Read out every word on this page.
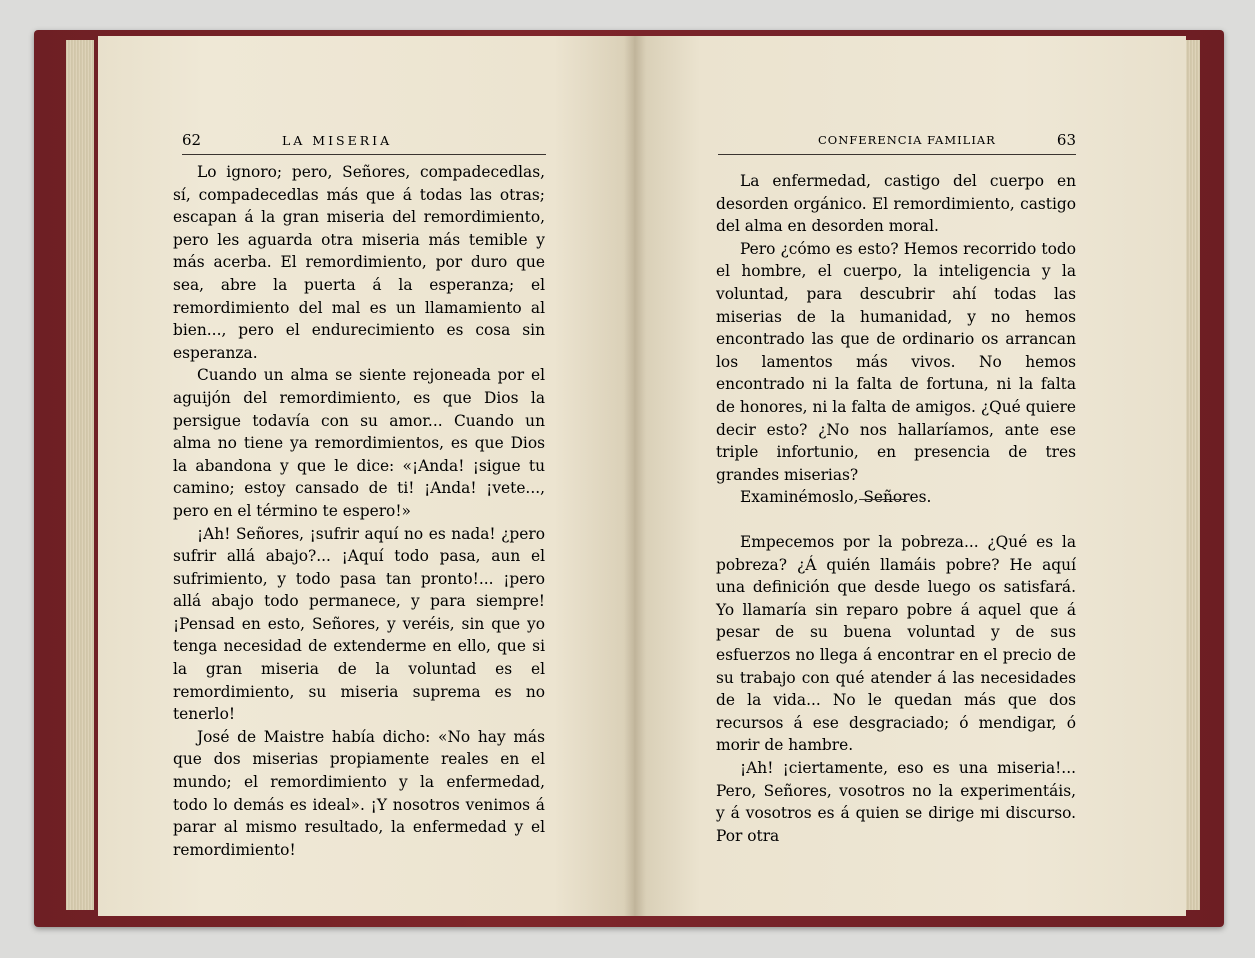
62	LA MISERIA	CONFERENCIA FAMILIAR	63

Lo ignoro; pero, Señores, compadecedlas, sí, compadecedlas más que á todas las otras; escapan á la gran miseria del remordimiento, pero les aguarda otra miseria más temible y más acerba. El remordimiento, por duro que sea, abre la puerta á la esperanza; el remordimiento del mal es un llamamiento al bien..., pero el endurecimiento es cosa sin esperanza.

Cuando un alma se siente rejoneada por el aguijón del remordimiento, es que Dios la persigue todavía con su amor... Cuando un alma no tiene ya remordimientos, es que Dios la abandona y que le dice: «¡Anda! ¡sigue tu camino; estoy cansado de ti! ¡Anda! ¡vete..., pero en el término te espero!»

¡Ah! Señores, ¡sufrir aquí no es nada! ¿pero sufrir allá abajo?... ¡Aquí todo pasa, aun el sufrimiento, y todo pasa tan pronto!... ¡pero allá abajo todo permanece, y para siempre! ¡Pensad en esto, Señores, y veréis, sin que yo tenga necesidad de extenderme en ello, que si la gran miseria de la voluntad es el remordimiento, su miseria suprema es no tenerlo!

José de Maistre había dicho: «No hay más que dos miserias propiamente reales en el mundo; el remordimiento y la enfermedad, todo lo demás es ideal». ¡Y nosotros venimos á parar al mismo resultado, la enfermedad y el remordimiento!

La enfermedad, castigo del cuerpo en desorden orgánico. El remordimiento, castigo del alma en desorden moral.

Pero ¿cómo es esto? Hemos recorrido todo el hombre, el cuerpo, la inteligencia y la voluntad, para descubrir ahí todas las miserias de la humanidad, y no hemos encontrado las que de ordinario os arrancan los lamentos más vivos. No hemos encontrado ni la falta de fortuna, ni la falta de honores, ni la falta de amigos. ¿Qué quiere decir esto? ¿No nos hallaríamos, ante ese triple infortunio, en presencia de tres grandes miserias?

Examinémoslo, Señores.

Empecemos por la pobreza... ¿Qué es la pobreza? ¿Á quién llamáis pobre? He aquí una definición que desde luego os satisfará. Yo llamaría sin reparo pobre á aquel que á pesar de su buena voluntad y de sus esfuerzos no llega á encontrar en el precio de su trabajo con qué atender á las necesidades de la vida... No le quedan más que dos recursos á ese desgraciado; ó mendigar, ó morir de hambre.

¡Ah! ¡ciertamente, eso es una miseria!... Pero, Señores, vosotros no la experimentáis, y á vosotros es á quien se dirige mi discurso. Por otra
